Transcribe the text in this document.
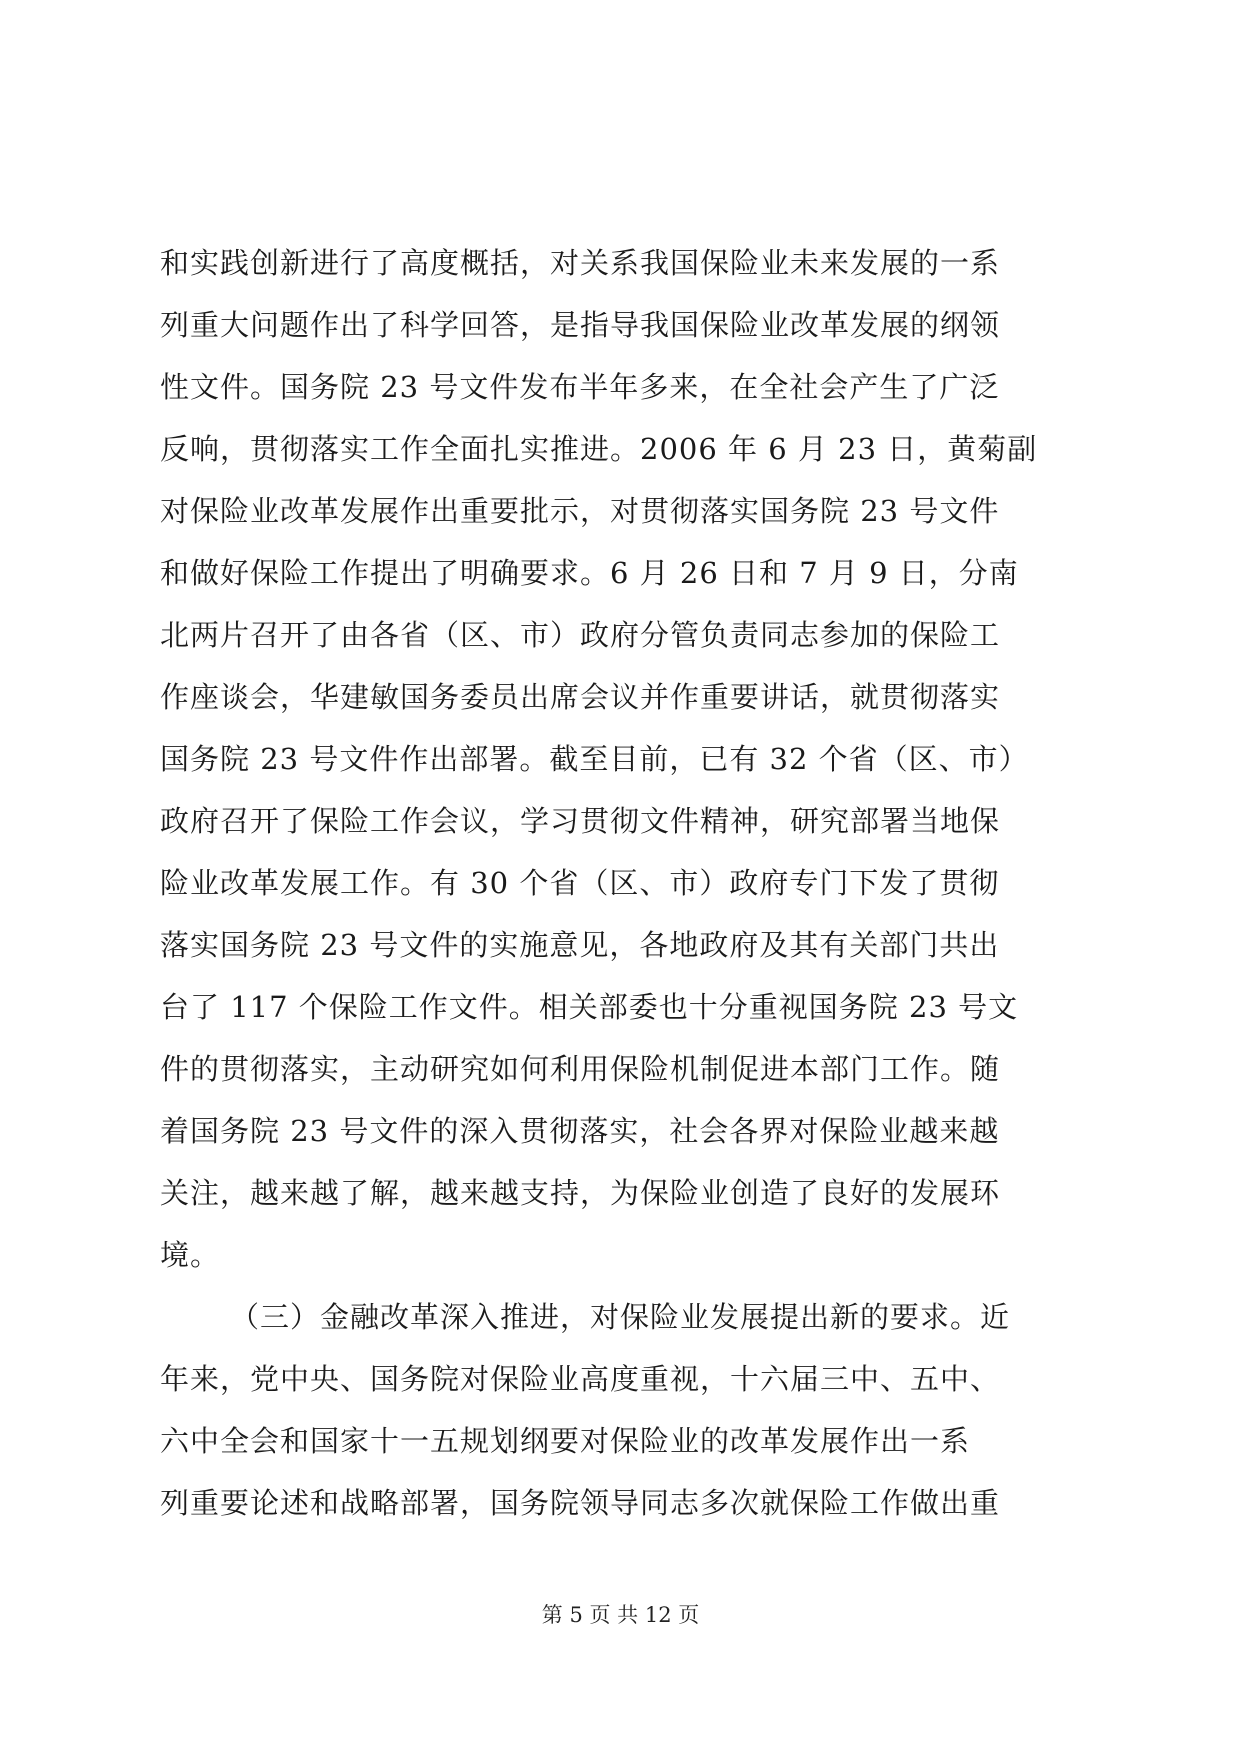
和实践创新进行了高度概括，对关系我国保险业未来发展的一系
列重大问题作出了科学回答，是指导我国保险业改革发展的纲领
性文件。国务院 23 号文件发布半年多来，在全社会产生了广泛
反响，贯彻落实工作全面扎实推进。2006 年 6 月 23 日，黄菊副
对保险业改革发展作出重要批示，对贯彻落实国务院 23 号文件
和做好保险工作提出了明确要求。6 月 26 日和 7 月 9 日，分南
北两片召开了由各省（区、市）政府分管负责同志参加的保险工
作座谈会，华建敏国务委员出席会议并作重要讲话，就贯彻落实
国务院 23 号文件作出部署。截至目前，已有 32 个省（区、市）
政府召开了保险工作会议，学习贯彻文件精神，研究部署当地保
险业改革发展工作。有 30 个省（区、市）政府专门下发了贯彻
落实国务院 23 号文件的实施意见，各地政府及其有关部门共出
台了 117 个保险工作文件。相关部委也十分重视国务院 23 号文
件的贯彻落实，主动研究如何利用保险机制促进本部门工作。随
着国务院 23 号文件的深入贯彻落实，社会各界对保险业越来越
关注，越来越了解，越来越支持，为保险业创造了良好的发展环
境。
（三）金融改革深入推进，对保险业发展提出新的要求。近
年来，党中央、国务院对保险业高度重视，十六届三中、五中、
六中全会和国家十一五规划纲要对保险业的改革发展作出一系
列重要论述和战略部署，国务院领导同志多次就保险工作做出重
第 5 页 共 12 页
